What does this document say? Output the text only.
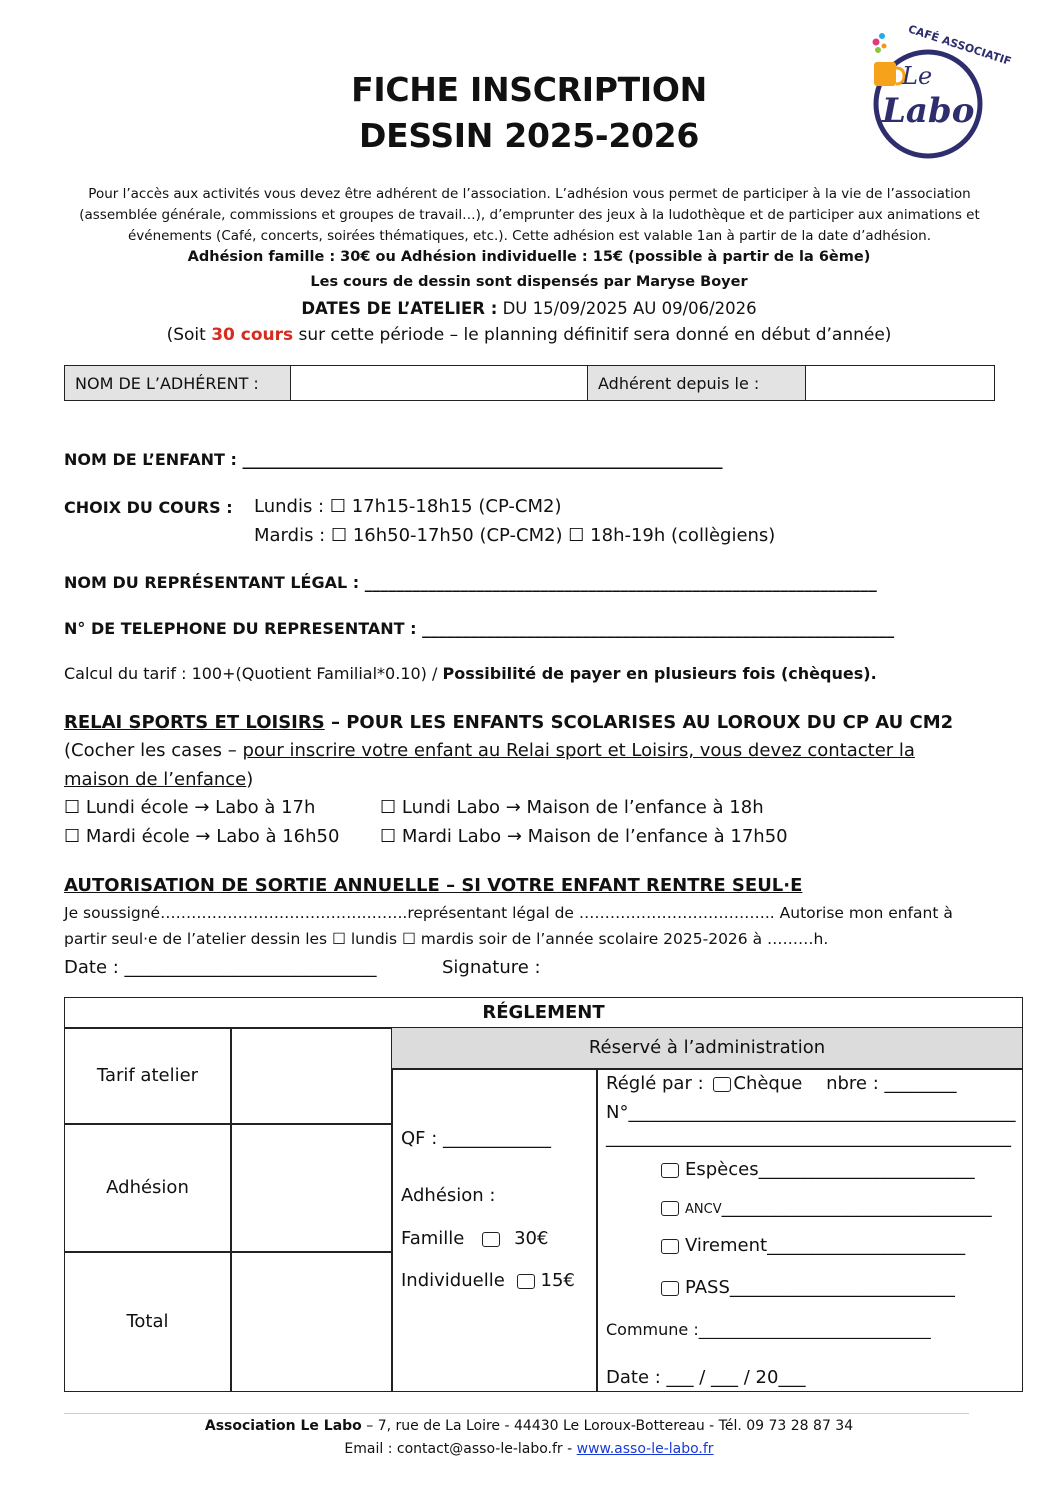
FICHE INSCRIPTION
DESSIN 2025-2026
Le
Labo
CAFÉ ASSOCIATIF
Pour l’accès aux activités vous devez être adhérent de l’association. L’adhésion vous permet de participer à la vie de l’association (assemblée générale, commissions et groupes de travail…), d’emprunter des jeux à la ludothèque et de participer aux animations et événements (Café, concerts, soirées thématiques, etc.). Cette adhésion est valable 1an à partir de la date d’adhésion.
Adhésion famille : 30€ ou Adhésion individuelle : 15€ (possible à partir de la 6ème)
Les cours de dessin sont dispensés par Maryse Boyer
DATES DE L’ATELIER : DU 15/09/2025 AU 09/06/2026
(Soit 30 cours sur cette période – le planning définitif sera donné en début d’année)
NOM DE L’ADHÉRENT :		Adhérent depuis le :	
NOM DE L’ENFANT : ____________________________________________________________
CHOIX DU COURS : Lundis : ☐ 17h15-18h15 (CP-CM2)
Mardis : ☐ 16h50-17h50 (CP-CM2) ☐ 18h-19h (collègiens)
NOM DU REPRÉSENTANT LÉGAL : ________________________________________________________________
N° DE TELEPHONE DU REPRESENTANT : ___________________________________________________________
Calcul du tarif : 100+(Quotient Familial*0.10) / Possibilité de payer en plusieurs fois (chèques).
RELAI SPORTS ET LOISIRS – POUR LES ENFANTS SCOLARISES AU LOROUX DU CP AU CM2
(Cocher les cases – pour inscrire votre enfant au Relai sport et Loisirs, vous devez contacter la
maison de l’enfance)
☐ Lundi école → Labo à 17h	☐ Lundi Labo → Maison de l’enfance à 18h
☐ Mardi école → Labo à 16h50 ☐ Mardi Labo → Maison de l’enfance à 17h50
AUTORISATION DE SORTIE ANNUELLE – SI VOTRE ENFANT RENTRE SEUL·E
Je soussigné………………………………….……..représentant légal de ……………………………….. Autorise mon enfant à
partir seul·e de l’atelier dessin les ☐ lundis ☐ mardis soir de l’année scolaire 2025-2026 à ………h.
Date : ____________________________	Signature :
RÉGLEMENT
Tarif atelier
Adhésion
Total
Réservé à l’administration
QF : ____________
Adhésion :
Famille	30€
Individuelle 15€
Réglé par : Chèque nbre : ________
N°___________________________________________
_____________________________________________
Espèces________________________
ANCV______________________________
Virement______________________
PASS_________________________
Commune :_____________________________
Date : ___ / ___ / 20___
Association Le Labo – 7, rue de La Loire - 44430 Le Loroux-Bottereau - Tél. 09 73 28 87 34
Email : contact@asso-le-labo.fr - www.asso-le-labo.fr
